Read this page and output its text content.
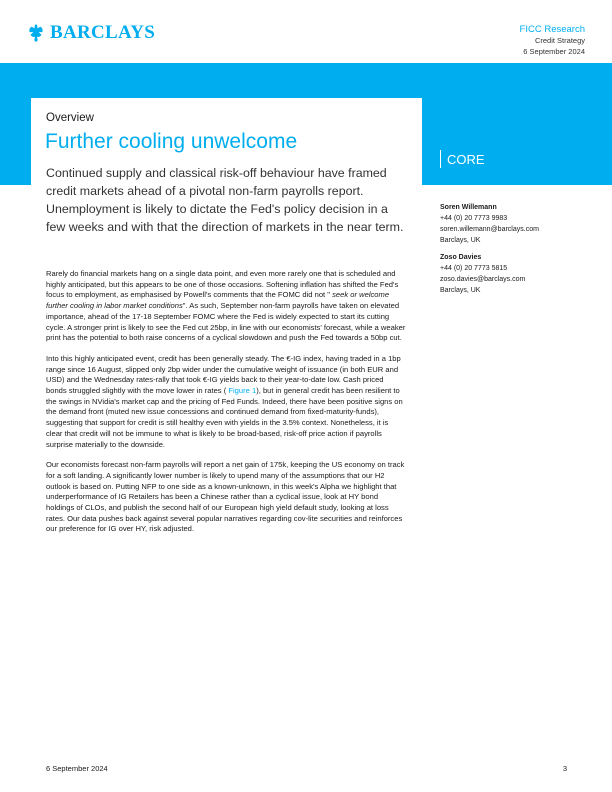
BARCLAYS	FICC Research
Credit Strategy
6 September 2024
Overview
Further cooling unwelcome
Continued supply and classical risk-off behaviour have framed credit markets ahead of a pivotal non-farm payrolls report. Unemployment is likely to dictate the Fed's policy decision in a few weeks and with that the direction of markets in the near term.
CORE
Soren Willemann
+44 (0) 20 7773 9983
soren.willemann@barclays.com
Barclays, UK
Zoso Davies
+44 (0) 20 7773 5815
zoso.davies@barclays.com
Barclays, UK

Rarely do financial markets hang on a single data point, and even more rarely one that is scheduled and highly anticipated, but this appears to be one of those occasions. Softening inflation has shifted the Fed's focus to employment, as emphasised by Powell's comments that the FOMC did not " seek or welcome further cooling in labor market conditions". As such, September non-farm payrolls have taken on elevated importance, ahead of the 17-18 September FOMC where the Fed is widely expected to start its cutting cycle. A stronger print is likely to see the Fed cut 25bp, in line with our economists' forecast, while a weaker print has the potential to both raise concerns of a cyclical slowdown and push the Fed towards a 50bp cut.

Into this highly anticipated event, credit has been generally steady. The €-IG index, having traded in a 1bp range since 16 August, slipped only 2bp wider under the cumulative weight of issuance (in both EUR and USD) and the Wednesday rates-rally that took €-IG yields back to their year-to-date low. Cash priced bonds struggled slightly with the move lower in rates ( Figure 1), but in general credit has been resilient to the swings in NVidia's market cap and the pricing of Fed Funds. Indeed, there have been positive signs on the demand front (muted new issue concessions and continued demand from fixed-maturity-funds), suggesting that support for credit is still healthy even with yields in the 3.5% context. Nonetheless, it is clear that credit will not be immune to what is likely to be broad-based, risk-off price action if payrolls surprise materially to the downside.

Our economists forecast non-farm payrolls will report a net gain of 175k, keeping the US economy on track for a soft landing. A significantly lower number is likely to upend many of the assumptions that our H2 outlook is based on. Putting NFP to one side as a known-unknown, in this week's Alpha we highlight that underperformance of IG Retailers has been a Chinese rather than a cyclical issue, look at HY bond holdings of CLOs, and publish the second half of our European high yield default study, looking at loss rates. Our data pushes back against several popular narratives regarding cov-lite securities and reinforces our preference for IG over HY, risk adjusted.

6 September 2024	3
